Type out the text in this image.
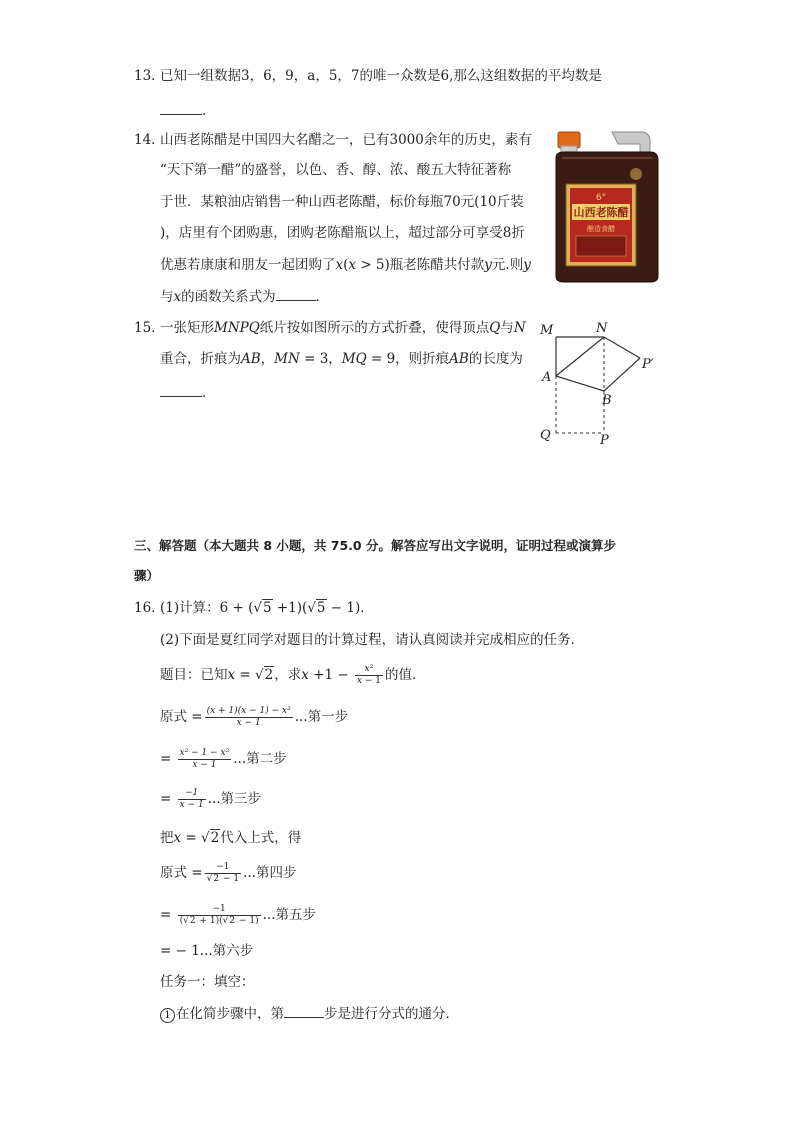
13. 已知一组数据3，6，9，a，5，7的唯一众数是6,那么这组数据的平均数是
.
14. 山西老陈醋是中国四大名醋之一，已有3000余年的历史，素有
“天下第一醋”的盛誉，以色、香、醇、浓、酸五大特征著称
于世．某粮油店销售一种山西老陈醋，标价每瓶70元(10斤装
)，店里有个团购惠，团购老陈醋瓶以上，超过部分可享受8折
优惠若康康和朋友一起团购了x(x > 5)瓶老陈醋共付款y元.则y
与x的函数关系式为	．
6°
山西老陈醋
酿造食醋
15. 一张矩形MNPQ纸片按如图所示的方式折叠，使得顶点Q与N
重合，折痕为AB，MN = 3，MQ = 9，则折痕AB的长度为
．
M	N
A
B
P′
Q	P
三、解答题（本大题共 8 小题，共 75.0 分。解答应写出文字说明，证明过程或演算步
骤）
16. (1)计算：6 + (√5 +1)(√5 − 1)．
(2)下面是夏红同学对题目的计算过程，请认真阅读并完成相应的任务．
题目：已知x = √2，求$x +1 - \frac{\text{x²}}{x - 1}$ 的值．
原式 = $\frac{\text{(x + 1)(x − 1) − x²}}{x - 1}$ ...第一步
= $\frac{\text{x² − 1 − x²}}{x - 1}$ ...第二步
= $\frac{-1}{x - 1}$ ...第三步
把x = √2代入上式，得
原式 = $\frac{-1}{√2 - 1}$ ...第四步
= $\frac{-1}{(√2 + 1)(√2 - 1)}$ ...第五步
= − 1...第六步
任务一：填空：
1 在化简步骤中，第	步是进行分式的通分．
